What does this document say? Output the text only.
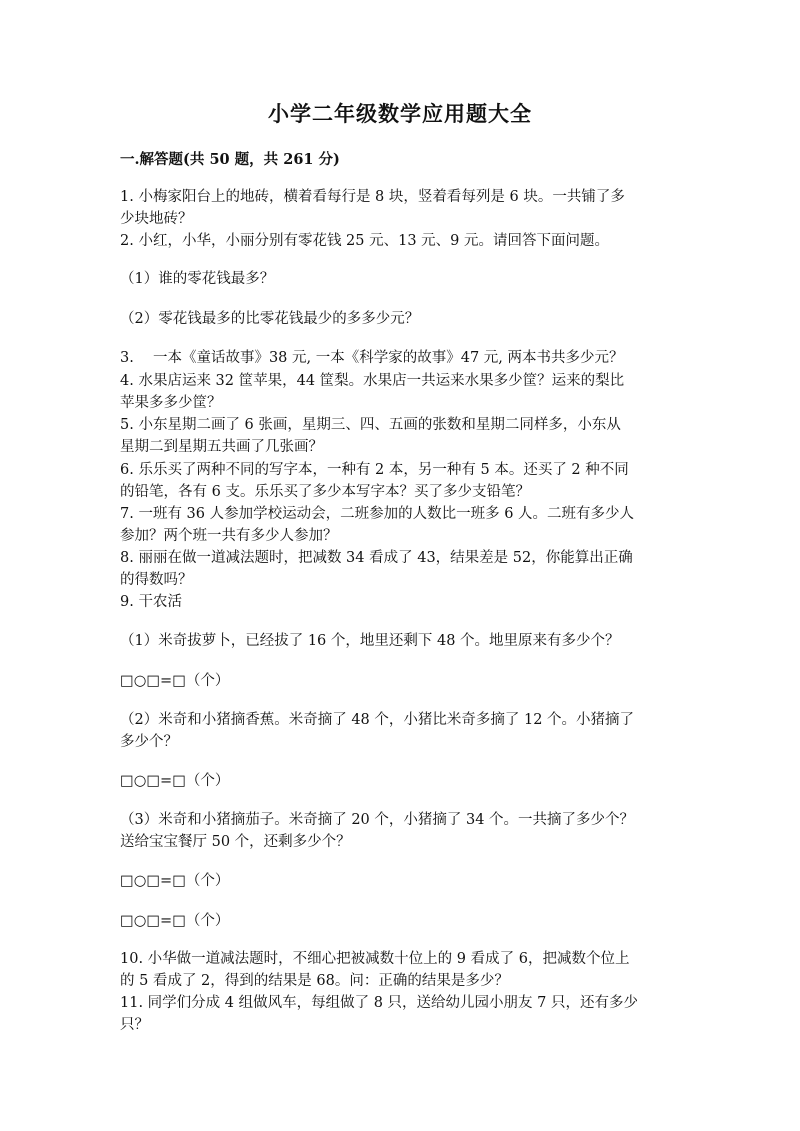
小学二年级数学应用题大全
一.解答题(共 50 题，共 261 分)
1. 小梅家阳台上的地砖，横着看每行是 8 块，竖着看每列是 6 块。一共铺了多
少块地砖？
2. 小红，小华，小丽分别有零花钱 25 元、13 元、9 元。请回答下面问题。
（1）谁的零花钱最多？
（2）零花钱最多的比零花钱最少的多多少元？
3.　 一本《童话故事》38 元, 一本《科学家的故事》47 元, 两本书共多少元？
4. 水果店运来 32 筐苹果，44 筐梨。水果店一共运来水果多少筐？运来的梨比
苹果多多少筐？
5. 小东星期二画了 6 张画，星期三、四、五画的张数和星期二同样多，小东从
星期二到星期五共画了几张画？
6. 乐乐买了两种不同的写字本，一种有 2 本，另一种有 5 本。还买了 2 种不同
的铅笔，各有 6 支。乐乐买了多少本写字本？买了多少支铅笔？
7. 一班有 36 人参加学校运动会，二班参加的人数比一班多 6 人。二班有多少人
参加？两个班一共有多少人参加？
8. 丽丽在做一道减法题时，把减数 34 看成了 43，结果差是 52，你能算出正确
的得数吗？
9. 干农活
（1）米奇拔萝卜，已经拔了 16 个，地里还剩下 48 个。地里原来有多少个？
□○□=□（个）
（2）米奇和小猪摘香蕉。米奇摘了 48 个，小猪比米奇多摘了 12 个。小猪摘了
多少个？
□○□=□（个）
（3）米奇和小猪摘茄子。米奇摘了 20 个，小猪摘了 34 个。一共摘了多少个？
送给宝宝餐厅 50 个，还剩多少个？
□○□=□（个）
□○□=□（个）
10. 小华做一道减法题时，不细心把被减数十位上的 9 看成了 6，把减数个位上
的 5 看成了 2，得到的结果是 68。问：正确的结果是多少？
11. 同学们分成 4 组做风车，每组做了 8 只，送给幼儿园小朋友 7 只，还有多少
只？
